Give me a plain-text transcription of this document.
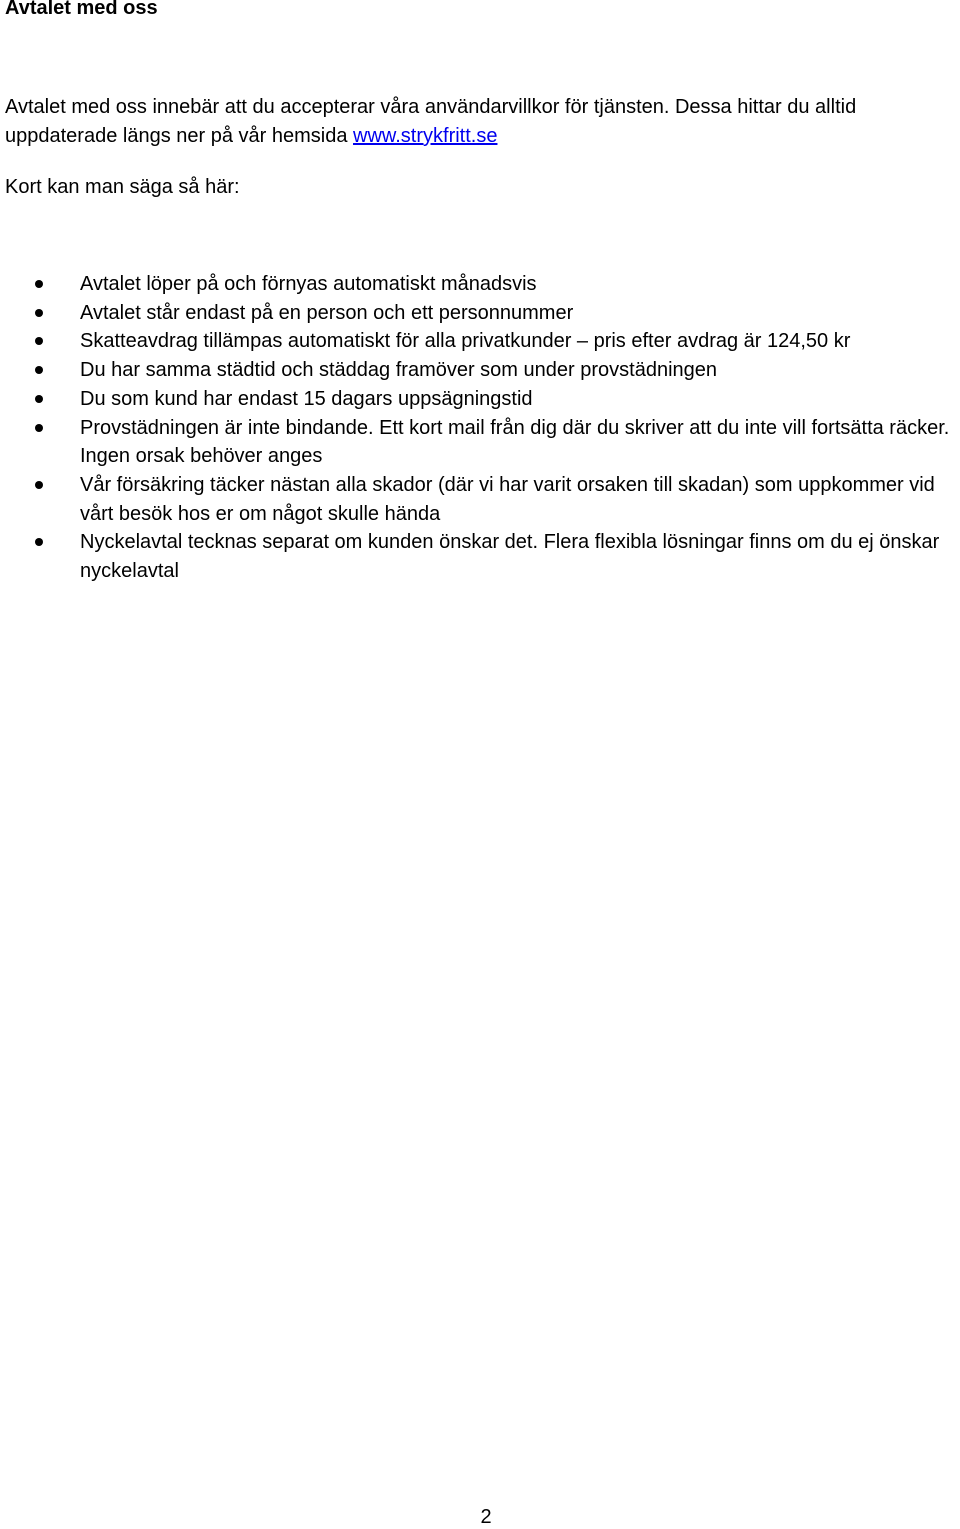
Avtalet med oss

Avtalet med oss innebär att du accepterar våra användarvillkor för tjänsten. Dessa hittar du alltid uppdaterade längs ner på vår hemsida www.strykfritt.se

Kort kan man säga så här:

Avtalet löper på och förnyas automatiskt månadsvis
Avtalet står endast på en person och ett personnummer
Skatteavdrag tillämpas automatiskt för alla privatkunder – pris efter avdrag är 124,50 kr
Du har samma städtid och städdag framöver som under provstädningen
Du som kund har endast 15 dagars uppsägningstid
Provstädningen är inte bindande. Ett kort mail från dig där du skriver att du inte vill fortsätta räcker. Ingen orsak behöver anges
Vår försäkring täcker nästan alla skador (där vi har varit orsaken till skadan) som uppkommer vid vårt besök hos er om något skulle hända
Nyckelavtal tecknas separat om kunden önskar det. Flera flexibla lösningar finns om du ej önskar nyckelavtal

2
